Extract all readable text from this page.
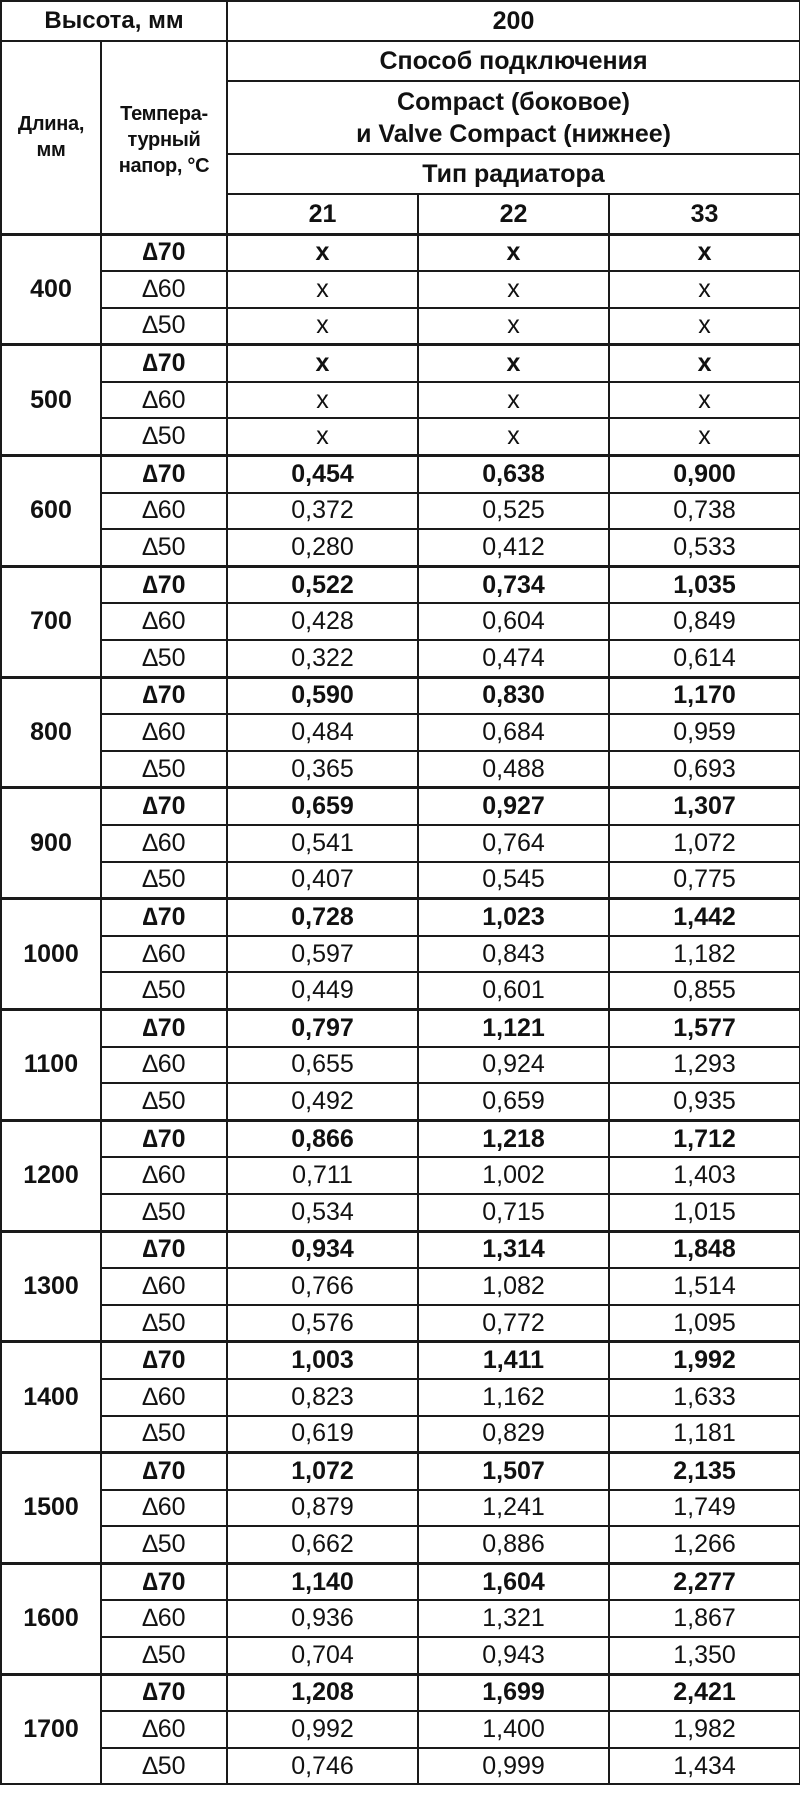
Высота, мм		200		
Длина,
мм	Темпера-
турный
напор, °C	Способ подключения		
		Compact (боковое)
и Valve Compact (нижнее)		
		Тип радиатора		
		21	22	33

400	∆70	x	x	x
	∆60	x	x	x
	∆50	x	x	x
500	∆70	x	x	x
	∆60	x	x	x
	∆50	x	x	x
600	∆70	0,454	0,638	0,900
	∆60	0,372	0,525	0,738
	∆50	0,280	0,412	0,533
700	∆70	0,522	0,734	1,035
	∆60	0,428	0,604	0,849
	∆50	0,322	0,474	0,614
800	∆70	0,590	0,830	1,170
	∆60	0,484	0,684	0,959
	∆50	0,365	0,488	0,693
900	∆70	0,659	0,927	1,307
	∆60	0,541	0,764	1,072
	∆50	0,407	0,545	0,775
1000	∆70	0,728	1,023	1,442
	∆60	0,597	0,843	1,182
	∆50	0,449	0,601	0,855
1100	∆70	0,797	1,121	1,577
	∆60	0,655	0,924	1,293
	∆50	0,492	0,659	0,935
1200	∆70	0,866	1,218	1,712
	∆60	0,711	1,002	1,403
	∆50	0,534	0,715	1,015
1300	∆70	0,934	1,314	1,848
	∆60	0,766	1,082	1,514
	∆50	0,576	0,772	1,095
1400	∆70	1,003	1,411	1,992
	∆60	0,823	1,162	1,633
	∆50	0,619	0,829	1,181
1500	∆70	1,072	1,507	2,135
	∆60	0,879	1,241	1,749
	∆50	0,662	0,886	1,266
1600	∆70	1,140	1,604	2,277
	∆60	0,936	1,321	1,867
	∆50	0,704	0,943	1,350
1700	∆70	1,208	1,699	2,421
	∆60	0,992	1,400	1,982
	∆50	0,746	0,999	1,434
